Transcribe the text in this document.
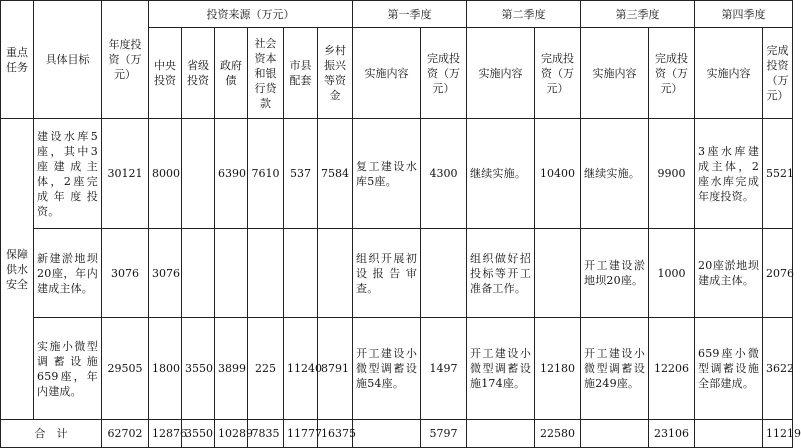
重点任务	具体目标	年度投资（万元）	投资来源（万元）						第一季度		第二季度		第三季度		第四季度	
			中央投资	省级投资	政府债	社会资本和银行贷款	市县配套	乡村振兴等资金	实施内容	完成投资（万元）	实施内容	完成投资（万元）	实施内容	完成投资（万元）	实施内容	完成投资（万元）
保障供水安全	建设水库5座，其中3座建成主体，2座完成年度投资。	30121	8000		6390	7610	537	7584	复工建设水库5座。	4300	继续实施。	10400	继续实施。	9900	3座水库建成主体，2座水库完成年度投资。	5521
	新建淤地坝20座，年内建成主体。	3076	3076						组织开展初设报告审查。		组织做好招投标等开工准备工作。		开工建设淤地坝20座。	1000	20座淤地坝建成主体。	2076
	实施小微型调蓄设施659座，年内建成。	29505	1800	3550	3899	225	11240	8791	开工建设小微型调蓄设施54座。	1497	开工建设小微型调蓄设施174座。	12180	开工建设小微型调蓄设施249座。	12206	659座小微型调蓄设施全部建成。	3622
合　计		62702	12876	3550	10289	7835	11777	16375		5797		22580		23106		11219
